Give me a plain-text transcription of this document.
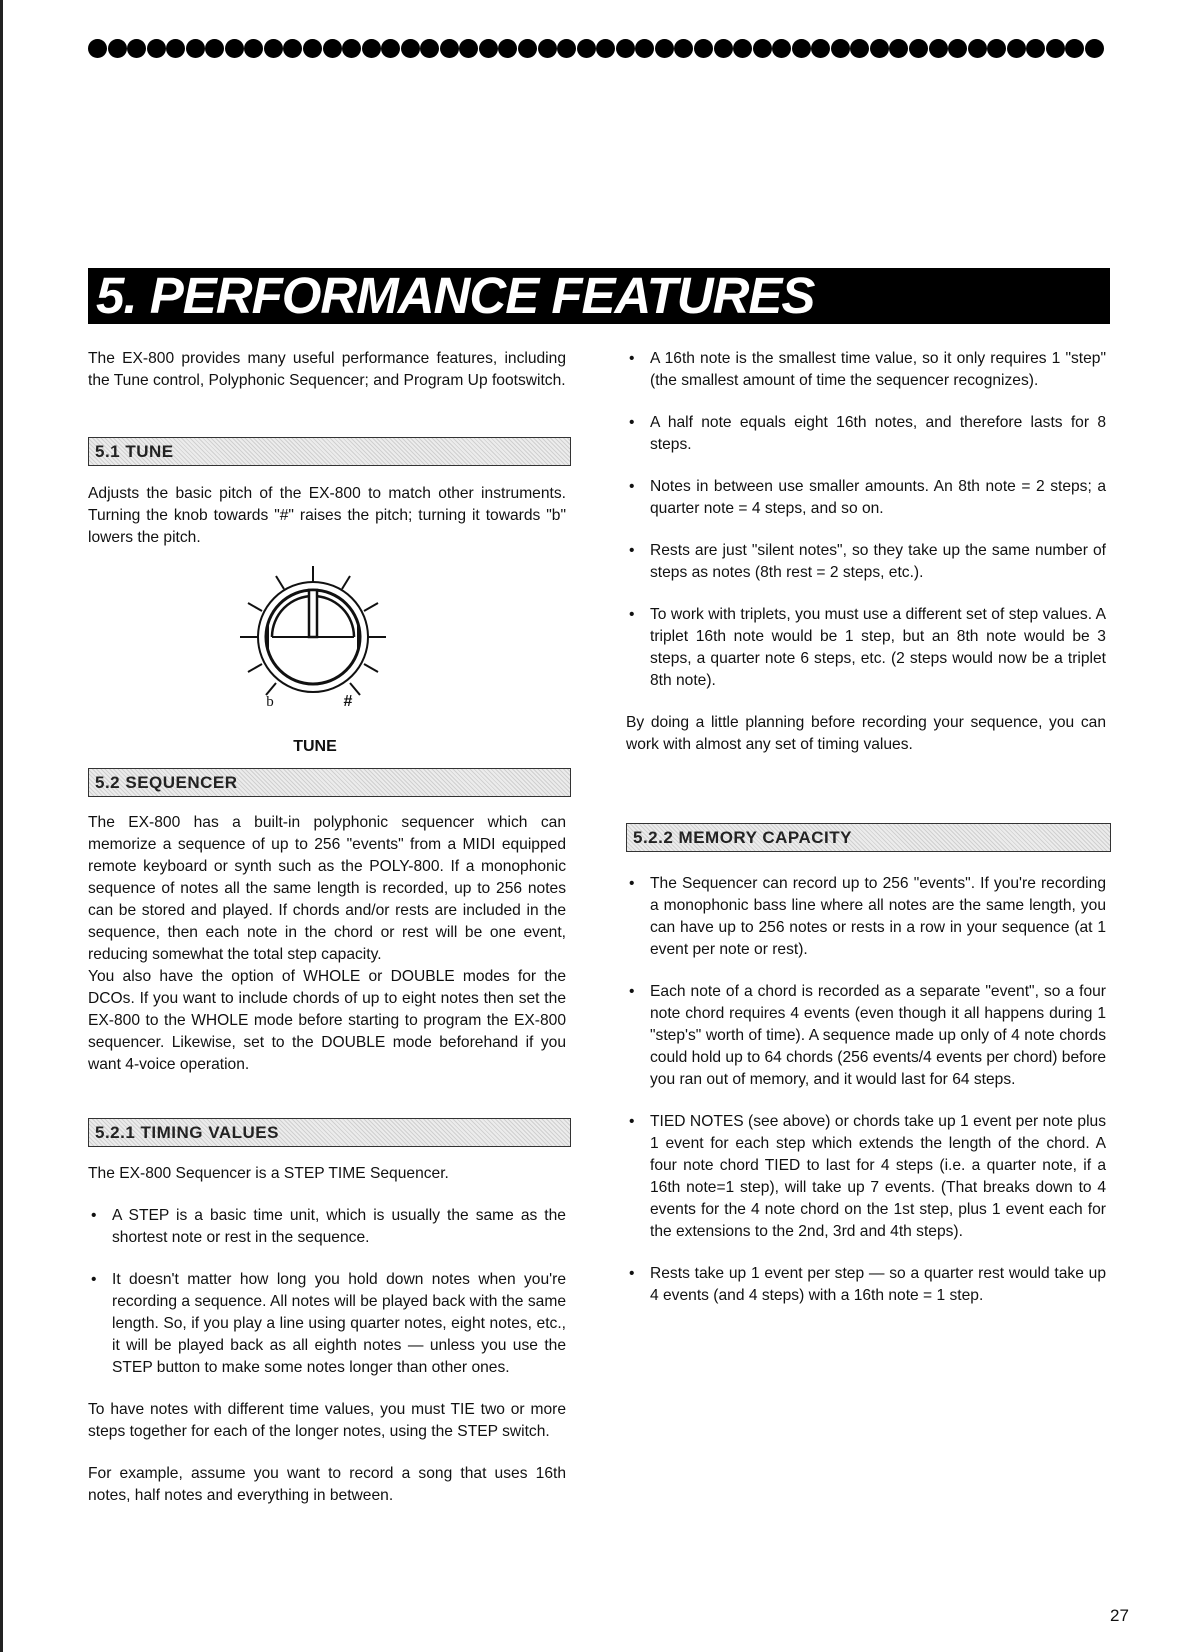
5. PERFORMANCE FEATURES

The EX-800 provides many useful performance features, including the Tune control, Polyphonic Sequencer; and Program Up footswitch.

5.1 TUNE

Adjusts the basic pitch of the EX-800 to match other instruments. Turning the knob towards "#" raises the pitch; turning it towards "b" lowers the pitch.

b	#
TUNE
5.2 SEQUENCER

The EX-800 has a built-in polyphonic sequencer which can memorize a sequence of up to 256 "events" from a MIDI equipped remote keyboard or synth such as the POLY-800. If a monophonic sequence of notes all the same length is recorded, up to 256 notes can be stored and played. If chords and/or rests are included in the sequence, then each note in the chord or rest will be one event, reducing somewhat the total step capacity.

You also have the option of WHOLE or DOUBLE modes for the DCOs. If you want to include chords of up to eight notes then set the EX-800 to the WHOLE mode before starting to program the EX-800 sequencer. Likewise, set to the DOUBLE mode beforehand if you want 4-voice operation.

5.2.1 TIMING VALUES

The EX-800 Sequencer is a STEP TIME Sequencer.

• A STEP is a basic time unit, which is usually the same as the shortest note or rest in the sequence.
• It doesn't matter how long you hold down notes when you're recording a sequence. All notes will be played back with the same length. So, if you play a line using quarter notes, eight notes, etc., it will be played back as all eighth notes — unless you use the STEP button to make some notes longer than other ones.

To have notes with different time values, you must TIE two or more steps together for each of the longer notes, using the STEP switch.

For example, assume you want to record a song that uses 16th notes, half notes and everything in between.

• A 16th note is the smallest time value, so it only requires 1 "step" (the smallest amount of time the sequencer recognizes).
• A half note equals eight 16th notes, and therefore lasts for 8 steps.
• Notes in between use smaller amounts. An 8th note = 2 steps; a quarter note = 4 steps, and so on.
• Rests are just "silent notes", so they take up the same number of steps as notes (8th rest = 2 steps, etc.).
• To work with triplets, you must use a different set of step values. A triplet 16th note would be 1 step, but an 8th note would be 3 steps, a quarter note 6 steps, etc. (2 steps would now be a triplet 8th note).

By doing a little planning before recording your sequence, you can work with almost any set of timing values.

5.2.2 MEMORY CAPACITY
• The Sequencer can record up to 256 "events". If you're recording a monophonic bass line where all notes are the same length, you can have up to 256 notes or rests in a row in your sequence (at 1 event per note or rest).
• Each note of a chord is recorded as a separate "event", so a four note chord requires 4 events (even though it all happens during 1 "step's" worth of time). A sequence made up only of 4 note chords could hold up to 64 chords (256 events/4 events per chord) before you ran out of memory, and it would last for 64 steps.
• TIED NOTES (see above) or chords take up 1 event per note plus 1 event for each step which extends the length of the chord. A four note chord TIED to last for 4 steps (i.e. a quarter note, if a 16th note=1 step), will take up 7 events. (That breaks down to 4 events for the 4 note chord on the 1st step, plus 1 event each for the extensions to the 2nd, 3rd and 4th steps).
• Rests take up 1 event per step — so a quarter rest would take up 4 events (and 4 steps) with a 16th note = 1 step.
27
